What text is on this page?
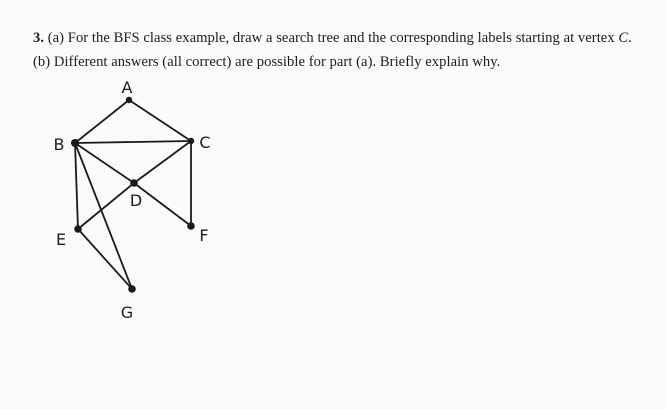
3. (a) For the BFS class example, draw a search tree and the corresponding labels starting at vertex C.

(b) Different answers (all correct) are possible for part (a). Briefly explain why.

A
B	C
D
E	F
G
